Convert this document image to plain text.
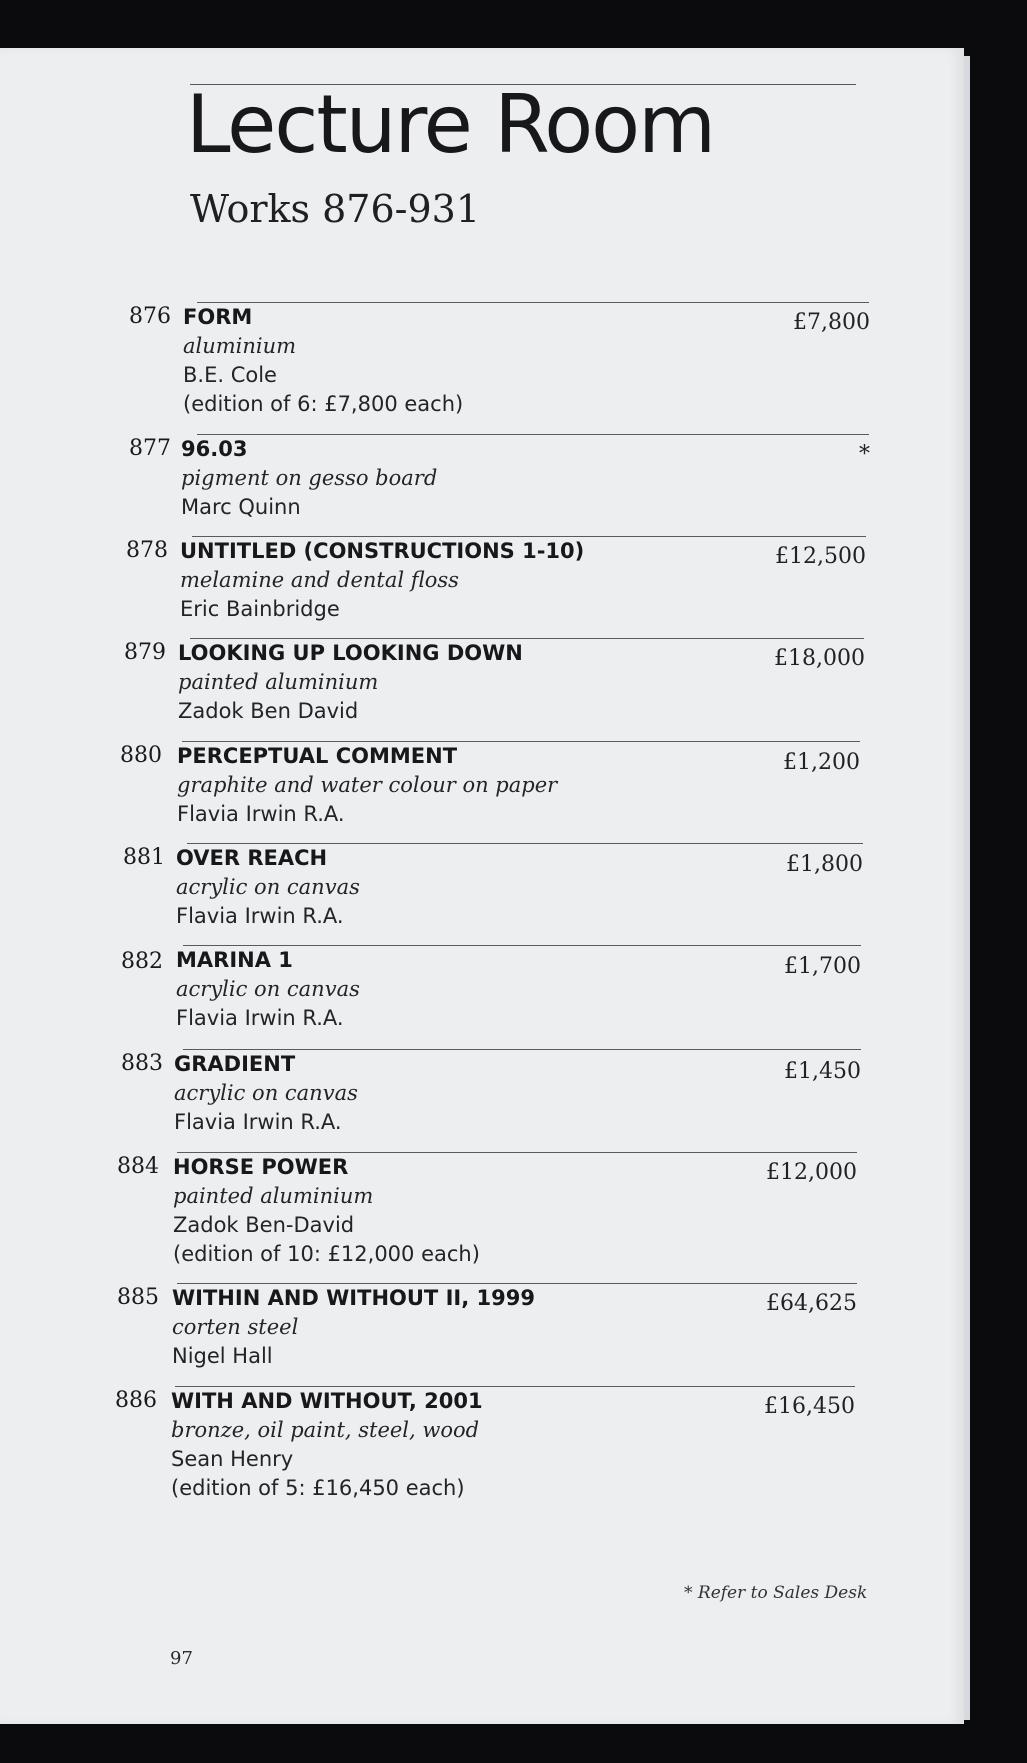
Lecture Room
Works 876-931
876 FORM
aluminium
B.E. Cole
(edition of 6: £7,800 each)
£7,800
877 96.03
pigment on gesso board
Marc Quinn
*
878 UNTITLED (CONSTRUCTIONS 1-10)
melamine and dental floss
Eric Bainbridge
£12,500
879 LOOKING UP LOOKING DOWN
painted aluminium
Zadok Ben David
£18,000
880 PERCEPTUAL COMMENT
graphite and water colour on paper
Flavia Irwin R.A.
£1,200
881 OVER REACH
acrylic on canvas
Flavia Irwin R.A.
£1,800
882 MARINA 1
acrylic on canvas
Flavia Irwin R.A.
£1,700
883 GRADIENT
acrylic on canvas
Flavia Irwin R.A.
£1,450
884 HORSE POWER
painted aluminium
Zadok Ben-David
(edition of 10: £12,000 each)
£12,000
885 WITHIN AND WITHOUT II, 1999
corten steel
Nigel Hall
£64,625
886 WITH AND WITHOUT, 2001
bronze, oil paint, steel, wood
Sean Henry
(edition of 5: £16,450 each)
£16,450
* Refer to Sales Desk
97
